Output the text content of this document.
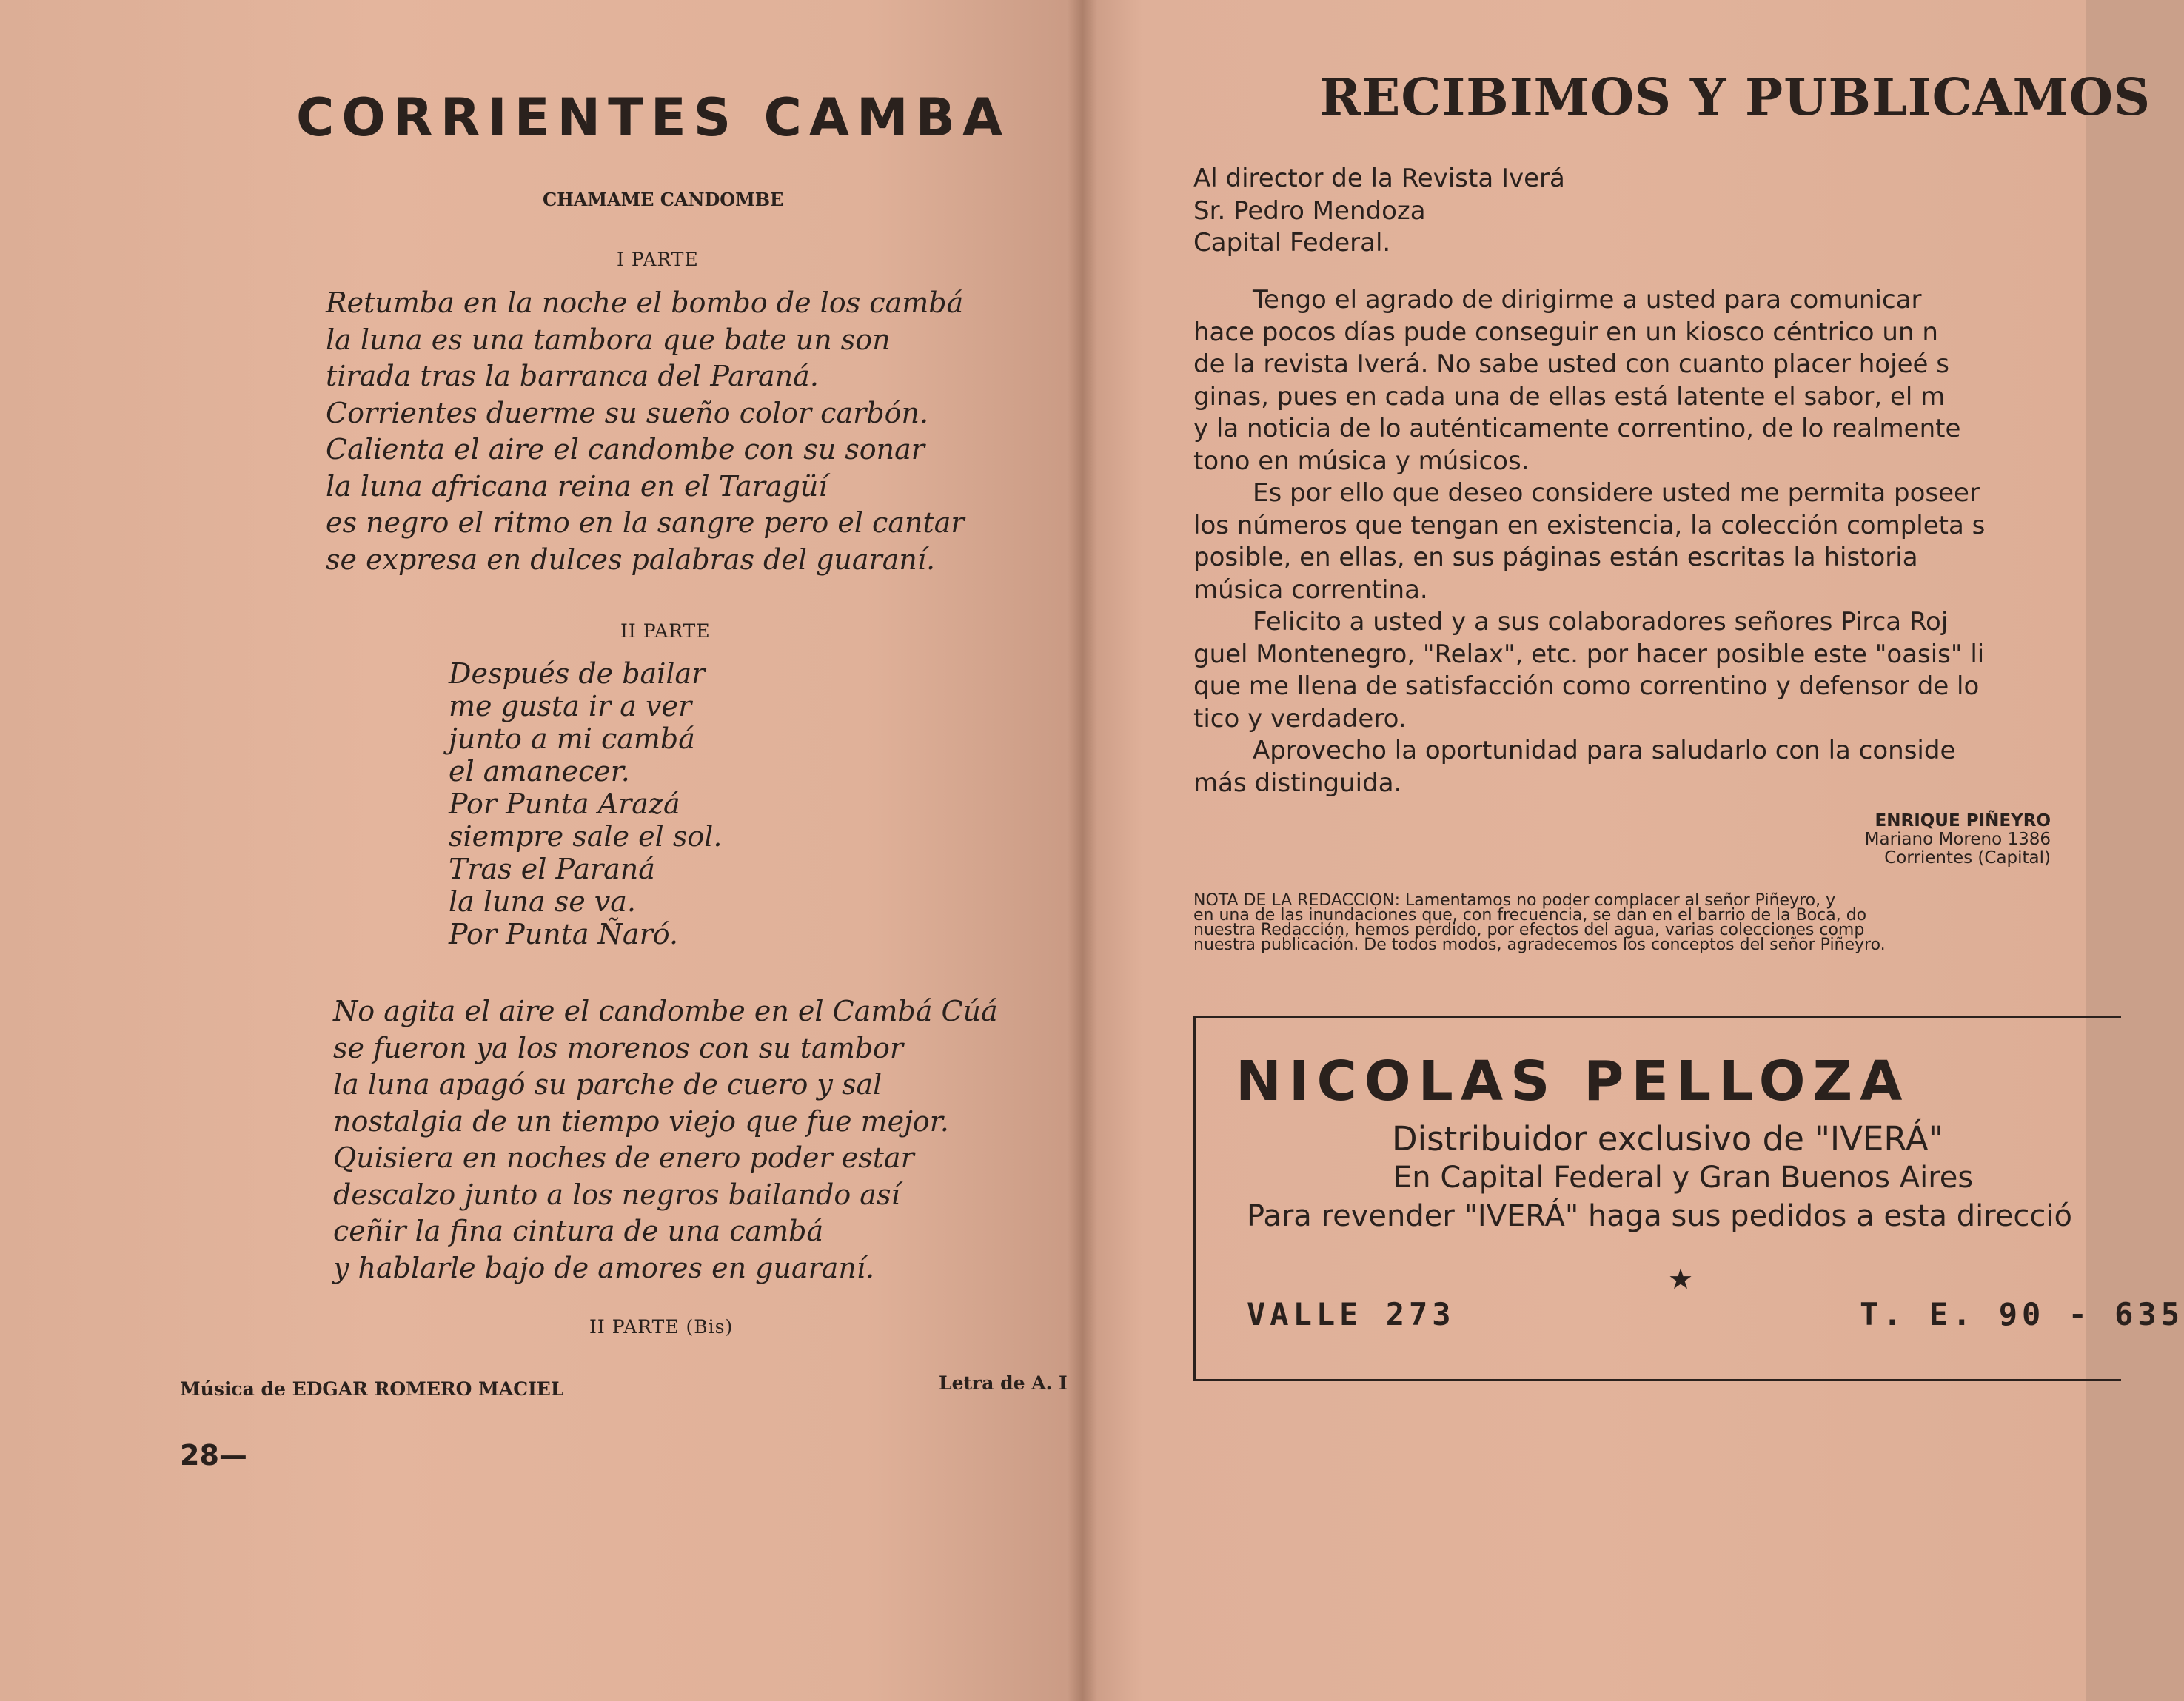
CORRIENTES CAMBA

CHAMAME CANDOMBE

I PARTE

Retumba en la noche el bombo de los cambá
la luna es una tambora que bate un son
tirada tras la barranca del Paraná.
Corrientes duerme su sueño color carbón.
Calienta el aire el candombe con su sonar
la luna africana reina en el Taragüí
es negro el ritmo en la sangre pero el cantar
se expresa en dulces palabras del guaraní.

II PARTE

Después de bailar
me gusta ir a ver
junto a mi cambá
el amanecer.
Por Punta Arazá
siempre sale el sol.
Tras el Paraná
la luna se va.
Por Punta Ñaró.
No agita el aire el candombe en el Cambá Cúá
se fueron ya los morenos con su tambor
la luna apagó su parche de cuero y sal
nostalgia de un tiempo viejo que fue mejor.
Quisiera en noches de enero poder estar
descalzo junto a los negros bailando así
ceñir la fina cintura de una cambá
y hablarle bajo de amores en guaraní.

II PARTE (Bis)

Música de EDGAR ROMERO MACIEL	Letra de A. I

28—

RECIBIMOS Y PUBLICAMOS
Al director de la Revista Iverá
Sr. Pedro Mendoza
Capital Federal.
Tengo el agrado de dirigirme a usted para comunicar
hace pocos días pude conseguir en un kiosco céntrico un n
de la revista Iverá. No sabe usted con cuanto placer hojeé s
ginas, pues en cada una de ellas está latente el sabor, el m
y la noticia de lo auténticamente correntino, de lo realmente
tono en música y músicos.
Es por ello que deseo considere usted me permita poseer
los números que tengan en existencia, la colección completa s
posible, en ellas, en sus páginas están escritas la historia
música correntina.
Felicito a usted y a sus colaboradores señores Pirca Roj
guel Montenegro, "Relax", etc. por hacer posible este "oasis" li
que me llena de satisfacción como correntino y defensor de lo
tico y verdadero.
Aprovecho la oportunidad para saludarlo con la conside
más distinguida.
ENRIQUE PIÑEYRO
Mariano Moreno 1386
Corrientes (Capital)
NOTA DE LA REDACCION: Lamentamos no poder complacer al señor Piñeyro, y
en una de las inundaciones que, con frecuencia, se dan en el barrio de la Boca, do
nuestra Redacción, hemos perdido, por efectos del agua, varias colecciones comp
nuestra publicación. De todos modos, agradecemos los conceptos del señor Piñeyro.

NICOLAS PELLOZA

Distribuidor exclusivo de "IVERÁ"

En Capital Federal y Gran Buenos Aires

Para revender "IVERÁ" haga sus pedidos a esta direcció

★

VALLE 273	T. E. 90 - 635
